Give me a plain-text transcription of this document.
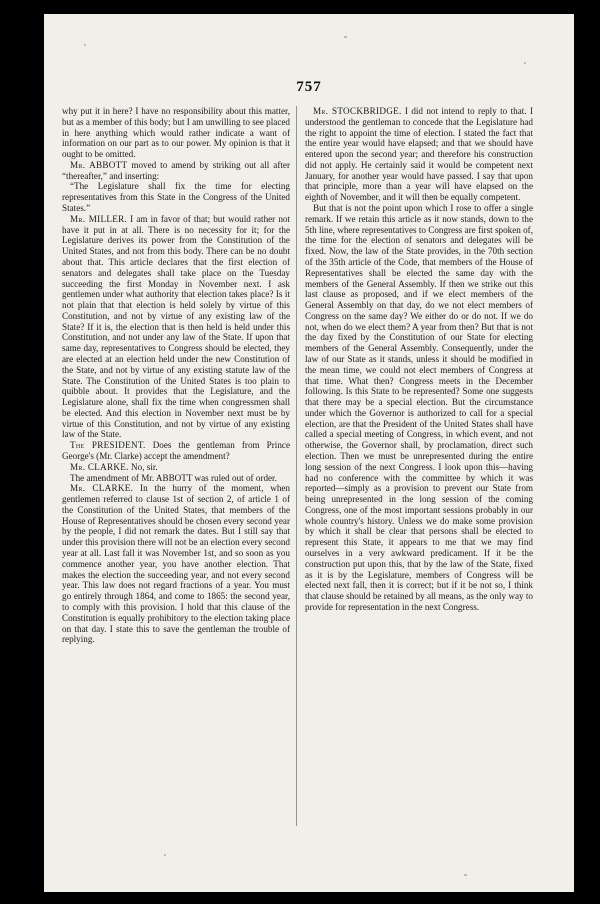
757

why put it in here? I have no responsibility about this matter, but as a member of this body; but I am unwilling to see placed in here anything which would rather indicate a want of information on our part as to our power. My opinion is that it ought to be omitted.

Mr. ABBOTT moved to amend by striking out all after “thereafter,” and inserting:

“The Legislature shall fix the time for electing representatives from this State in the Congress of the United States.”

Mr. MILLER. I am in favor of that; but would rather not have it put in at all. There is no necessity for it; for the Legislature derives its power from the Constitution of the United States, and not from this body. There can be no doubt about that. This article declares that the first election of senators and delegates shall take place on the Tuesday succeeding the first Monday in November next. I ask gentlemen under what authority that election takes place? Is it not plain that that election is held solely by virtue of this Constitution, and not by virtue of any existing law of the State? If it is, the election that is then held is held under this Constitution, and not under any law of the State. If upon that same day, representatives to Congress should be elected, they are elected at an election held under the new Constitution of the State, and not by virtue of any existing statute law of the State. The Constitution of the United States is too plain to quibble about. It provides that the Legislature, and the Legislature alone, shall fix the time when congressmen shall be elected. And this election in November next must be by virtue of this Constitution, and not by virtue of any existing law of the State.

The PRESIDENT. Does the gentleman from Prince George's (Mr. Clarke) accept the amendment?

Mr. CLARKE. No, sir.

The amendment of Mr. ABBOTT was ruled out of order.

Mr. CLARKE. In the hurry of the moment, when gentlemen referred to clause 1st of section 2, of article 1 of the Constitution of the United States, that members of the House of Representatives should be chosen every second year by the people, I did not remark the dates. But I still say that under this provision there will not be an election every second year at all. Last fall it was November 1st, and so soon as you commence another year, you have another election. That makes the election the succeeding year, and not every second year. This law does not regard fractions of a year. You must go entirely through 1864, and come to 1865: the second year, to comply with this provision. I hold that this clause of the Constitution is equally prohibitory to the election taking place on that day. I state this to save the gentleman the trouble of replying.

Mr. STOCKBRIDGE. I did not intend to reply to that. I understood the gentleman to concede that the Legislature had the right to appoint the time of election. I stated the fact that the entire year would have elapsed; and that we should have entered upon the second year; and therefore his construction did not apply. He certainly said it would be competent next January, for another year would have passed. I say that upon that principle, more than a year will have elapsed on the eighth of November, and it will then be equally competent.

But that is not the point upon which I rose to offer a single remark. If we retain this article as it now stands, down to the 5th line, where representatives to Congress are first spoken of, the time for the election of senators and delegates will be fixed. Now, the law of the State provides, in the 70th section of the 35th article of the Code, that members of the House of Representatives shall be elected the same day with the members of the General Assembly. If then we strike out this last clause as proposed, and if we elect members of the General Assembly on that day, do we not elect members of Congress on the same day? We either do or do not. If we do not, when do we elect them? A year from then? But that is not the day fixed by the Constitution of our State for electing members of the General Assembly. Consequently, under the law of our State as it stands, unless it should be modified in the mean time, we could not elect members of Congress at that time. What then? Congress meets in the December following. Is this State to be represented? Some one suggests that there may be a special election. But the circumstance under which the Governor is authorized to call for a special election, are that the President of the United States shall have called a special meeting of Congress, in which event, and not otherwise, the Governor shall, by proclamation, direct such election. Then we must be unrepresented during the entire long session of the next Congress. I look upon this—having had no conference with the committee by which it was reported—simply as a provision to prevent our State from being unrepresented in the long session of the coming Congress, one of the most important sessions probably in our whole country's history. Unless we do make some provision by which it shall be clear that persons shall be elected to represent this State, it appears to me that we may find ourselves in a very awkward predicament. If it be the construction put upon this, that by the law of the State, fixed as it is by the Legislature, members of Congress will be elected next fall, then it is correct; but if it be not so, I think that clause should be retained by all means, as the only way to provide for representation in the next Congress.
